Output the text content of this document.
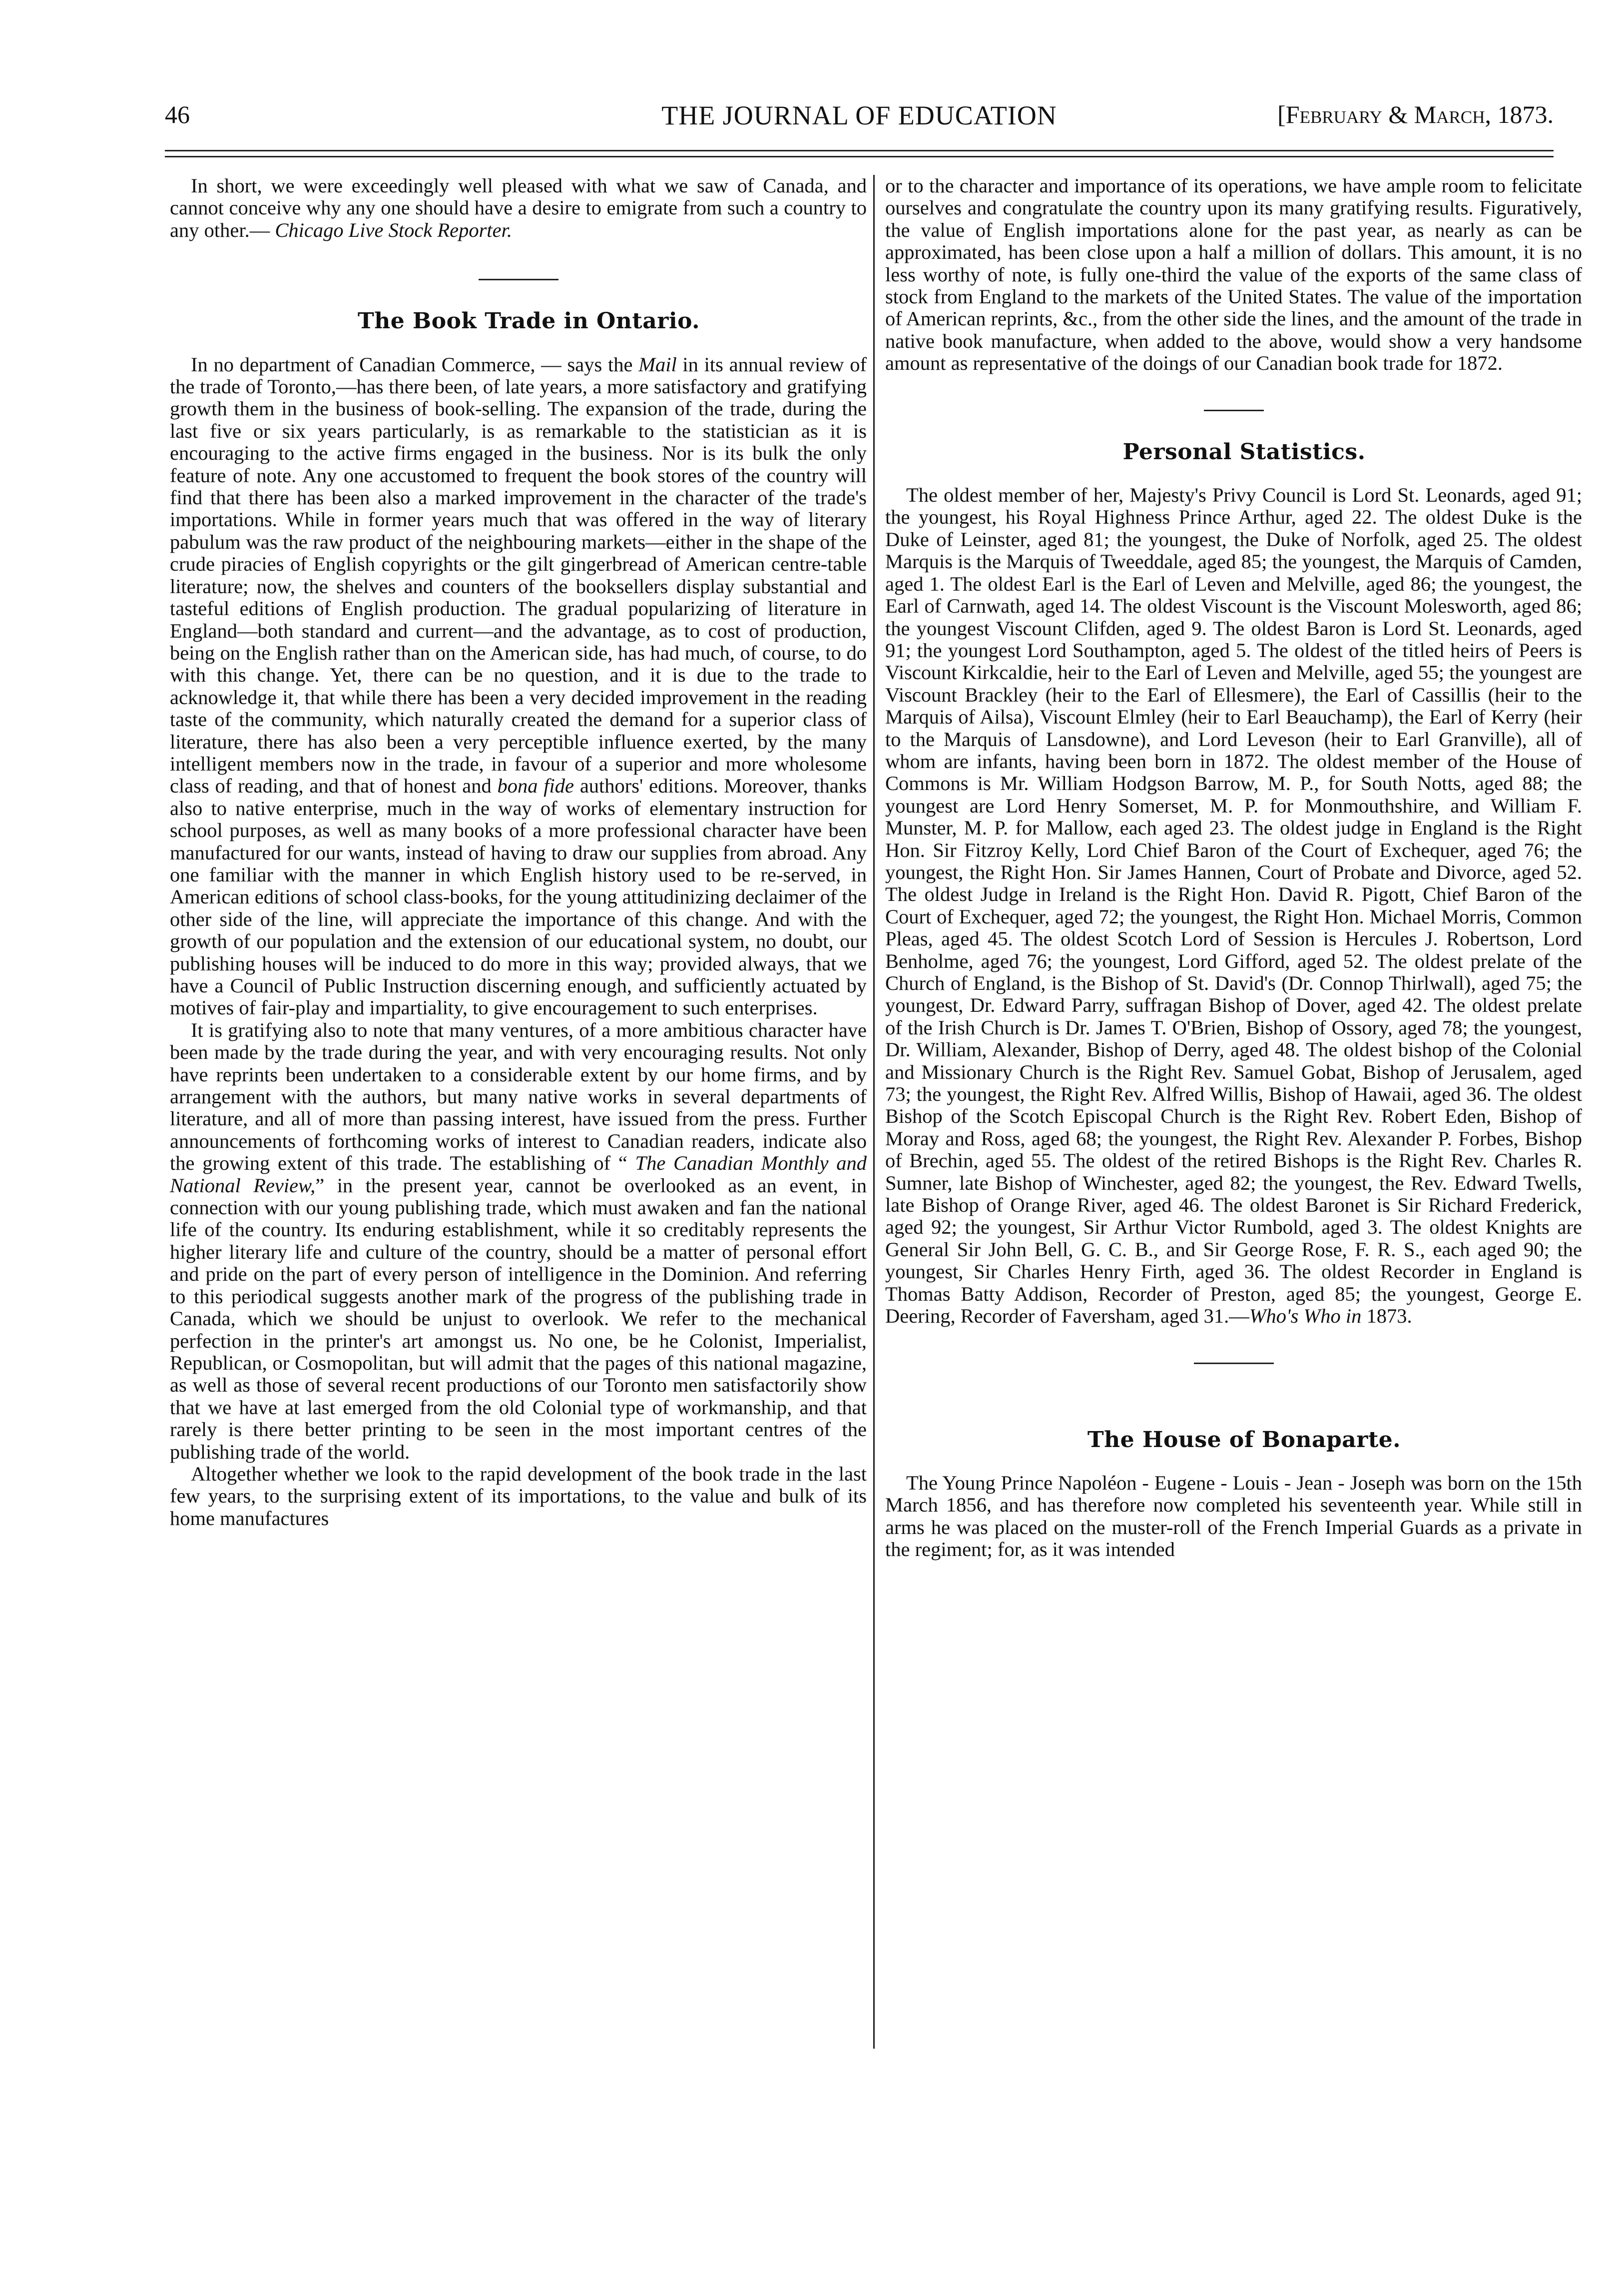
46	THE JOURNAL OF EDUCATION	[February & March, 1873.

In short, we were exceedingly well pleased with what we saw of Canada, and cannot conceive why any one should have a desire to emigrate from such a country to any other.— Chicago Live Stock Reporter.

The Book Trade in Ontario.

In no department of Canadian Commerce, — says the Mail in its annual review of the trade of Toronto,—has there been, of late years, a more satisfactory and gratifying growth them in the business of book-selling. The expansion of the trade, during the last five or six years particularly, is as remarkable to the statistician as it is encouraging to the active firms engaged in the business. Nor is its bulk the only feature of note. Any one accustomed to frequent the book stores of the country will find that there has been also a marked improvement in the character of the trade's importations. While in former years much that was offered in the way of literary pabulum was the raw product of the neighbouring markets—either in the shape of the crude piracies of English copyrights or the gilt gingerbread of American centre-table literature; now, the shelves and counters of the booksellers display substantial and tasteful editions of English production. The gradual popularizing of literature in England—both standard and current—and the advantage, as to cost of production, being on the English rather than on the American side, has had much, of course, to do with this change. Yet, there can be no question, and it is due to the trade to acknowledge it, that while there has been a very decided improvement in the reading taste of the community, which naturally created the demand for a superior class of literature, there has also been a very perceptible influence exerted, by the many intelligent members now in the trade, in favour of a superior and more wholesome class of reading, and that of honest and bona fide authors' editions. Moreover, thanks also to native enterprise, much in the way of works of elementary instruction for school purposes, as well as many books of a more professional character have been manufactured for our wants, instead of having to draw our supplies from abroad. Any one familiar with the manner in which English history used to be re-served, in American editions of school class-books, for the young attitudinizing declaimer of the other side of the line, will appreciate the importance of this change. And with the growth of our population and the extension of our educational system, no doubt, our publishing houses will be induced to do more in this way; provided always, that we have a Council of Public Instruction discerning enough, and sufficiently actuated by motives of fair-play and impartiality, to give encouragement to such enterprises.

It is gratifying also to note that many ventures, of a more ambitious character have been made by the trade during the year, and with very encouraging results. Not only have reprints been undertaken to a considerable extent by our home firms, and by arrangement with the authors, but many native works in several departments of literature, and all of more than passing interest, have issued from the press. Further announcements of forthcoming works of interest to Canadian readers, indicate also the growing extent of this trade. The establishing of “ The Canadian Monthly and National Review,” in the present year, cannot be overlooked as an event, in connection with our young publishing trade, which must awaken and fan the national life of the country. Its enduring establishment, while it so creditably represents the higher literary life and culture of the country, should be a matter of personal effort and pride on the part of every person of intelligence in the Dominion. And referring to this periodical suggests another mark of the progress of the publishing trade in Canada, which we should be unjust to overlook. We refer to the mechanical perfection in the printer's art amongst us. No one, be he Colonist, Imperialist, Republican, or Cosmopolitan, but will admit that the pages of this national magazine, as well as those of several recent productions of our Toronto men satisfactorily show that we have at last emerged from the old Colonial type of workmanship, and that rarely is there better printing to be seen in the most important centres of the publishing trade of the world.

Altogether whether we look to the rapid development of the book trade in the last few years, to the surprising extent of its importations, to the value and bulk of its home manufactures

or to the character and importance of its operations, we have ample room to felicitate ourselves and congratulate the country upon its many gratifying results. Figuratively, the value of English importations alone for the past year, as nearly as can be approximated, has been close upon a half a million of dollars. This amount, it is no less worthy of note, is fully one-third the value of the exports of the same class of stock from England to the markets of the United States. The value of the importation of American reprints, &c., from the other side the lines, and the amount of the trade in native book manufacture, when added to the above, would show a very handsome amount as representative of the doings of our Canadian book trade for 1872.

Personal Statistics.

The oldest member of her, Majesty's Privy Council is Lord St. Leonards, aged 91; the youngest, his Royal Highness Prince Arthur, aged 22. The oldest Duke is the Duke of Leinster, aged 81; the youngest, the Duke of Norfolk, aged 25. The oldest Marquis is the Marquis of Tweeddale, aged 85; the youngest, the Marquis of Camden, aged 1. The oldest Earl is the Earl of Leven and Melville, aged 86; the youngest, the Earl of Carnwath, aged 14. The oldest Viscount is the Viscount Molesworth, aged 86; the youngest Viscount Clifden, aged 9. The oldest Baron is Lord St. Leonards, aged 91; the youngest Lord Southampton, aged 5. The oldest of the titled heirs of Peers is Viscount Kirkcaldie, heir to the Earl of Leven and Melville, aged 55; the youngest are Viscount Brackley (heir to the Earl of Ellesmere), the Earl of Cassillis (heir to the Marquis of Ailsa), Viscount Elmley (heir to Earl Beauchamp), the Earl of Kerry (heir to the Marquis of Lansdowne), and Lord Leveson (heir to Earl Granville), all of whom are infants, having been born in 1872. The oldest member of the House of Commons is Mr. William Hodgson Barrow, M. P., for South Notts, aged 88; the youngest are Lord Henry Somerset, M. P. for Monmouthshire, and William F. Munster, M. P. for Mallow, each aged 23. The oldest judge in England is the Right Hon. Sir Fitzroy Kelly, Lord Chief Baron of the Court of Exchequer, aged 76; the youngest, the Right Hon. Sir James Hannen, Court of Probate and Divorce, aged 52. The oldest Judge in Ireland is the Right Hon. David R. Pigott, Chief Baron of the Court of Exchequer, aged 72; the youngest, the Right Hon. Michael Morris, Common Pleas, aged 45. The oldest Scotch Lord of Session is Hercules J. Robertson, Lord Benholme, aged 76; the youngest, Lord Gifford, aged 52. The oldest prelate of the Church of England, is the Bishop of St. David's (Dr. Connop Thirlwall), aged 75; the youngest, Dr. Edward Parry, suffragan Bishop of Dover, aged 42. The oldest prelate of the Irish Church is Dr. James T. O'Brien, Bishop of Ossory, aged 78; the youngest, Dr. William, Alexander, Bishop of Derry, aged 48. The oldest bishop of the Colonial and Missionary Church is the Right Rev. Samuel Gobat, Bishop of Jerusalem, aged 73; the youngest, the Right Rev. Alfred Willis, Bishop of Hawaii, aged 36. The oldest Bishop of the Scotch Episcopal Church is the Right Rev. Robert Eden, Bishop of Moray and Ross, aged 68; the youngest, the Right Rev. Alexander P. Forbes, Bishop of Brechin, aged 55. The oldest of the retired Bishops is the Right Rev. Charles R. Sumner, late Bishop of Winchester, aged 82; the youngest, the Rev. Edward Twells, late Bishop of Orange River, aged 46. The oldest Baronet is Sir Richard Frederick, aged 92; the youngest, Sir Arthur Victor Rumbold, aged 3. The oldest Knights are General Sir John Bell, G. C. B., and Sir George Rose, F. R. S., each aged 90; the youngest, Sir Charles Henry Firth, aged 36. The oldest Recorder in England is Thomas Batty Addison, Recorder of Preston, aged 85; the youngest, George E. Deering, Recorder of Faversham, aged 31.—Who's Who in 1873.

The House of Bonaparte.

The Young Prince Napoléon - Eugene - Louis - Jean - Joseph was born on the 15th March 1856, and has therefore now completed his seventeenth year. While still in arms he was placed on the muster-roll of the French Imperial Guards as a private in the regiment; for, as it was intended
